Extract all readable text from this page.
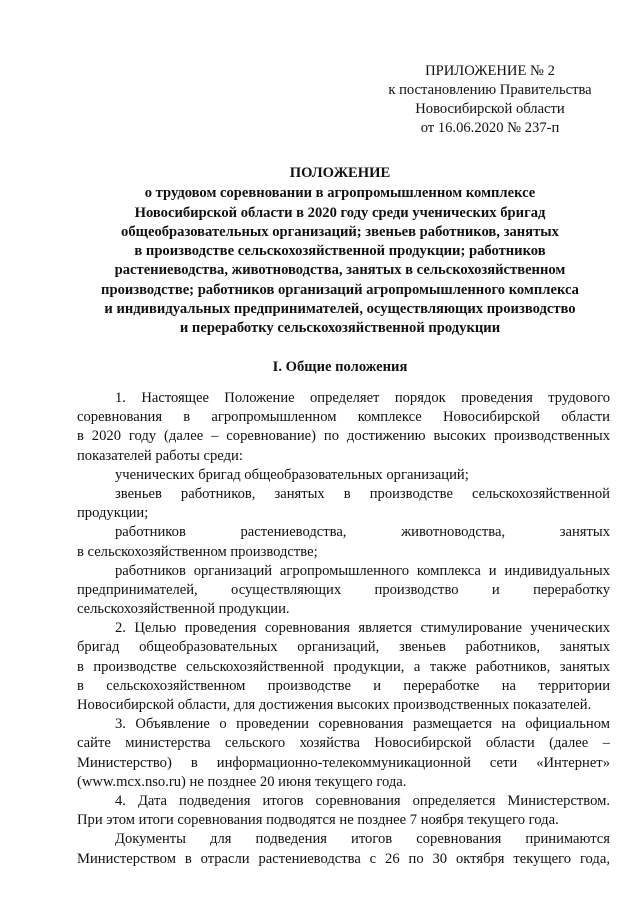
ПРИЛОЖЕНИЕ № 2
к постановлению Правительства
Новосибирской области
от 16.06.2020 № 237-п
ПОЛОЖЕНИЕ
о трудовом соревновании в агропромышленном комплексе
Новосибирской области в 2020 году среди ученических бригад
общеобразовательных организаций; звеньев работников, занятых
в производстве сельскохозяйственной продукции; работников
растениеводства, животноводства, занятых в сельскохозяйственном
производстве; работников организаций агропромышленного комплекса
и индивидуальных предпринимателей, осуществляющих производство
и переработку сельскохозяйственной продукции
I. Общие положения
1. Настоящее Положение определяет порядок проведения трудового
соревнования в агропромышленном комплексе Новосибирской области
в 2020 году (далее – соревнование) по достижению высоких производственных
показателей работы среди:
ученических бригад общеобразовательных организаций;
звеньев работников, занятых в производстве сельскохозяйственной
продукции;
работников растениеводства, животноводства, занятых
в сельскохозяйственном производстве;
работников организаций агропромышленного комплекса и индивидуальных
предпринимателей, осуществляющих производство и переработку
сельскохозяйственной продукции.
2. Целью проведения соревнования является стимулирование ученических
бригад общеобразовательных организаций, звеньев работников, занятых
в производстве сельскохозяйственной продукции, а также работников, занятых
в сельскохозяйственном производстве и переработке на территории
Новосибирской области, для достижения высоких производственных показателей.
3. Объявление о проведении соревнования размещается на официальном
сайте министерства сельского хозяйства Новосибирской области (далее –
Министерство) в информационно-телекоммуникационной сети «Интернет»
(www.mcx.nso.ru) не позднее 20 июня текущего года.
4. Дата подведения итогов соревнования определяется Министерством.
При этом итоги соревнования подводятся не позднее 7 ноября текущего года.
Документы для подведения итогов соревнования принимаются
Министерством в отрасли растениеводства с 26 по 30 октября текущего года,
